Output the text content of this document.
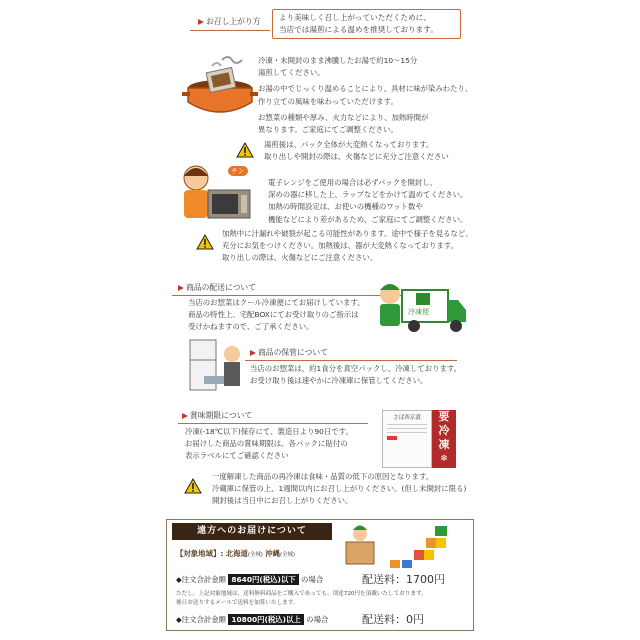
▶ お召し上がり方 より美味しく召し上がっていただくために、
当店では湯煎による温めを推奨しております。
冷凍・未開封のまま沸騰したお湯で約10〜15分
湯煎してください。
お湯の中でじっくり温めることにより、具材に味が染みわたり、
作り立ての風味を味わっていただけます。
お惣菜の種類や厚み、火力などにより、加熱時間が
異なります。ご家庭にてご調整ください。
湯煎後は、パック全体が大変熱くなっております。
取り出しや開封の際は、火傷などに充分ご注意ください
チン
電子レンジをご使用の場合は必ずパックを開封し、
深めの器に移した上、ラップなどをかけて温めてください。
加熱の時間設定は、お使いの機種のワット数や
機能などにより差があるため、ご家庭にてご調整ください。
加熱中に汁漏れや破裂が起こる可能性があります。途中で様子を見るなど、
充分にお気をつけください。加熱後は、器が大変熱くなっております。
取り出しの際は、火傷などにご注意ください。
▶ 商品の配送について
当店のお惣菜はクール冷凍便にてお届けしています。
商品の特性上、宅配BOXにてお受け取りのご指示は
受けかねますので、ご了承ください。
冷凍便
▶ 商品の保管について
当店のお惣菜は、約1食分を真空パックし、冷凍しております。
お受け取り後は速やかに冷凍庫に保管してください。
▶ 賞味期限について
冷凍(-18℃以下)保存にて、製造日より90日です。
お届けした商品の賞味期限は、各パックに貼付の
表示ラベルにてご確認ください
さば西京漬	要
冷
凍
❄
一度解凍した商品の再冷凍は食味・品質の低下の原因となります。
冷蔵庫に保管の上、1週間以内にお召し上がりください。(但し未開封に限る)
開封後は当日中にお召し上がりください。
遠方へのお届けについて
【対象地域】: 北海道(全域) 沖縄(全域)
◆注文合計金額 8640円(税込)以下 の場合	配送料：1700円
ただし、上記対象地域は、送料無料商品をご購入であっても、別途720円を頂戴いたしております。
後日お送りするメールで送料を加算いたします。
◆注文合計金額 10800円(税込)以上 の場合	配送料：0円
